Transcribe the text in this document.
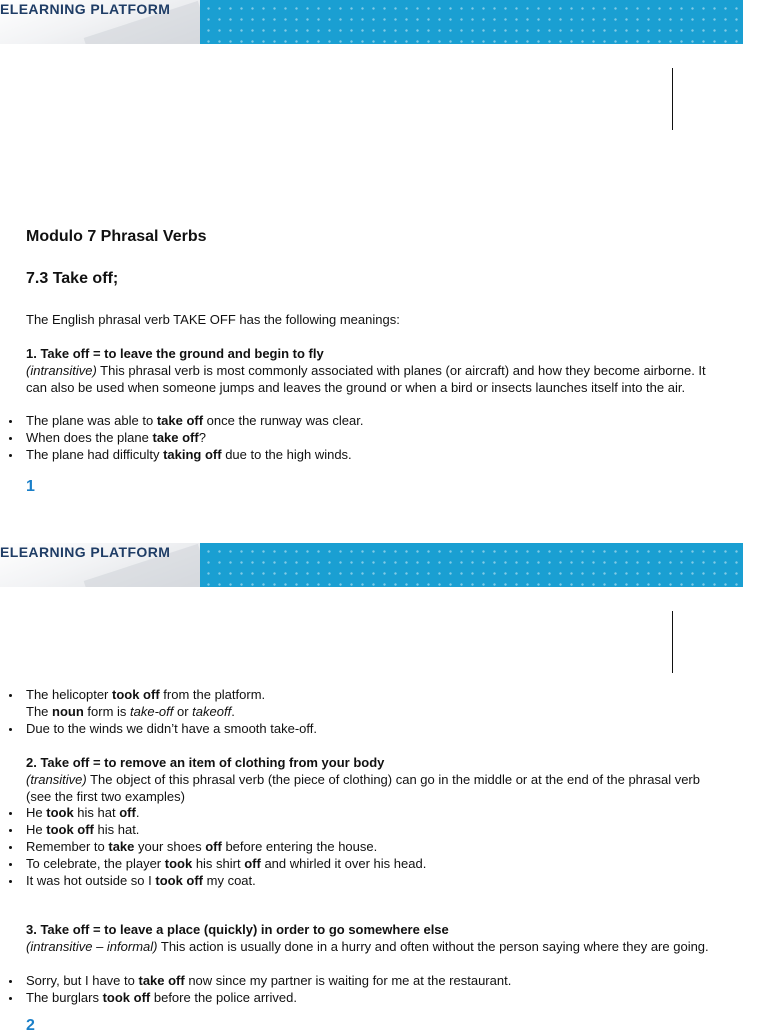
ELEARNING PLATFORM
Modulo 7 Phrasal Verbs
7.3 Take off;

The English phrasal verb TAKE OFF has the following meanings:

1. Take off = to leave the ground and begin to fly

(intransitive) This phrasal verb is most commonly associated with planes (or aircraft) and how they become airborne. It can also be used when someone jumps and leaves the ground or when a bird or insects launches itself into the air.

The plane was able to take off once the runway was clear.
When does the plane take off?
The plane had difficulty taking off due to the high winds.
1
ELEARNING PLATFORM
The helicopter took off from the platform.
The noun form is take-off or takeoff.
Due to the winds we didn’t have a smooth take-off.

2. Take off = to remove an item of clothing from your body

(transitive) The object of this phrasal verb (the piece of clothing) can go in the middle or at the end of the phrasal verb (see the first two examples)

He took his hat off.
He took off his hat.
Remember to take your shoes off before entering the house.
To celebrate, the player took his shirt off and whirled it over his head.
It was hot outside so I took off my coat.

3. Take off = to leave a place (quickly) in order to go somewhere else

(intransitive – informal) This action is usually done in a hurry and often without the person saying where they are going.

Sorry, but I have to take off now since my partner is waiting for me at the restaurant.
The burglars took off before the police arrived.
2
